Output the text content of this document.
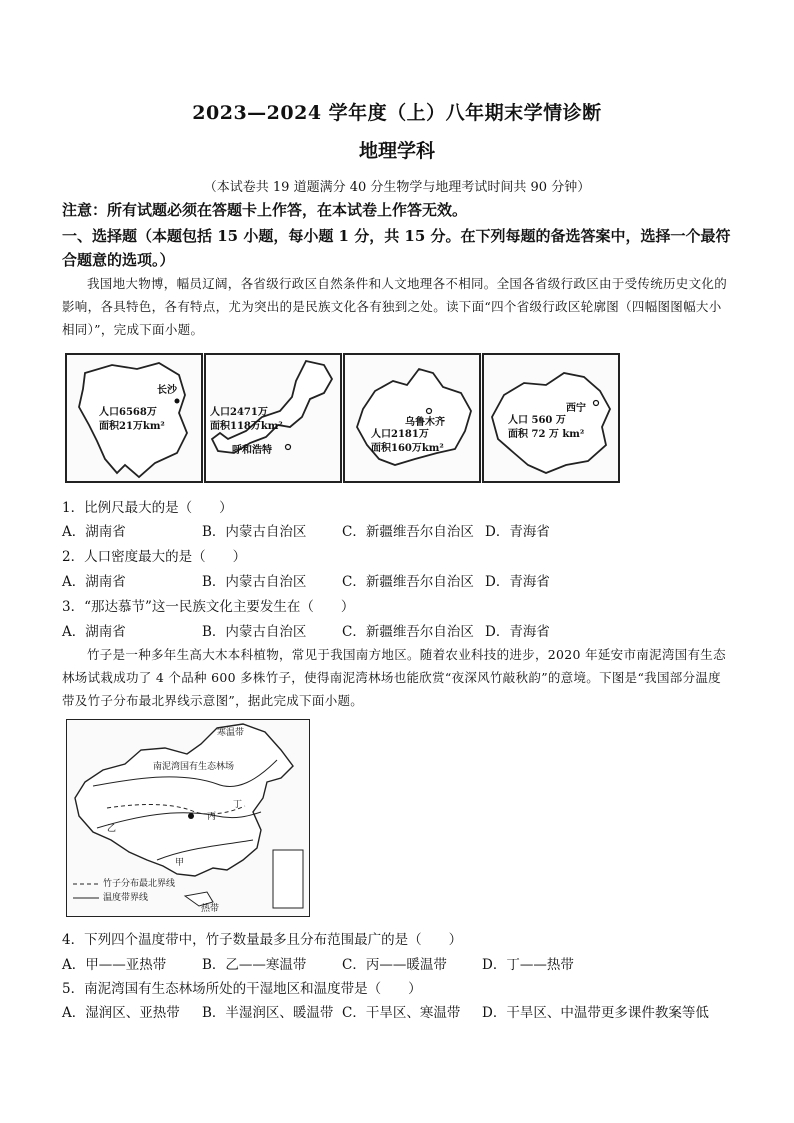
2023—2024 学年度（上）八年期末学情诊断
地理学科
（本试卷共 19 道题满分 40 分生物学与地理考试时间共 90 分钟）
注意：所有试题必须在答题卡上作答，在本试卷上作答无效。
一、选择题（本题包括 15 小题，每小题 1 分，共 15 分。在下列每题的备选答案中，选择一个最符合题意的选项。）
我国地大物博，幅员辽阔，各省级行政区自然条件和人文地理各不相同。全国各省级行政区由于受传统历史文化的影响，各具特色，各有特点，尤为突出的是民族文化各有独到之处。读下面“四个省级行政区轮廓图（四幅图图幅大小相同）”，完成下面小题。
长沙
人口6568万
面积21万km²
人口2471万
面积118万km²
呼和浩特
乌鲁木齐
人口2181万
面积160万km²
西宁
人口 560 万
面积 72 万 km²
1．比例尺最大的是（　　）
A．湖南省	B．内蒙古自治区	C．新疆维吾尔自治区 D．青海省
2．人口密度最大的是（　　）
A．湖南省	B．内蒙古自治区	C．新疆维吾尔自治区 D．青海省
3．“那达慕节”这一民族文化主要发生在（　　）
A．湖南省	B．内蒙古自治区	C．新疆维吾尔自治区 D．青海省
竹子是一种多年生高大木本科植物，常见于我国南方地区。随着农业科技的进步，2020 年延安市南泥湾国有生态林场试栽成功了 4 个品种 600 多株竹子，使得南泥湾林场也能欣赏“夜深风竹敲秋韵”的意境。下图是“我国部分温度带及竹子分布最北界线示意图”，据此完成下面小题。
寒温带
南泥湾国有生态林场
丁
丙
乙
甲
热带
竹子分布最北界线
温度带界线
4．下列四个温度带中，竹子数量最多且分布范围最广的是（　　）
A．甲——亚热带	B．乙——寒温带	C．丙——暖温带	D．丁——热带
5．南泥湾国有生态林场所处的干湿地区和温度带是（　　）
A．湿润区、亚热带 B．半湿润区、暖温带 C．干旱区、寒温带 D．干旱区、中温带更多课件教案等低
